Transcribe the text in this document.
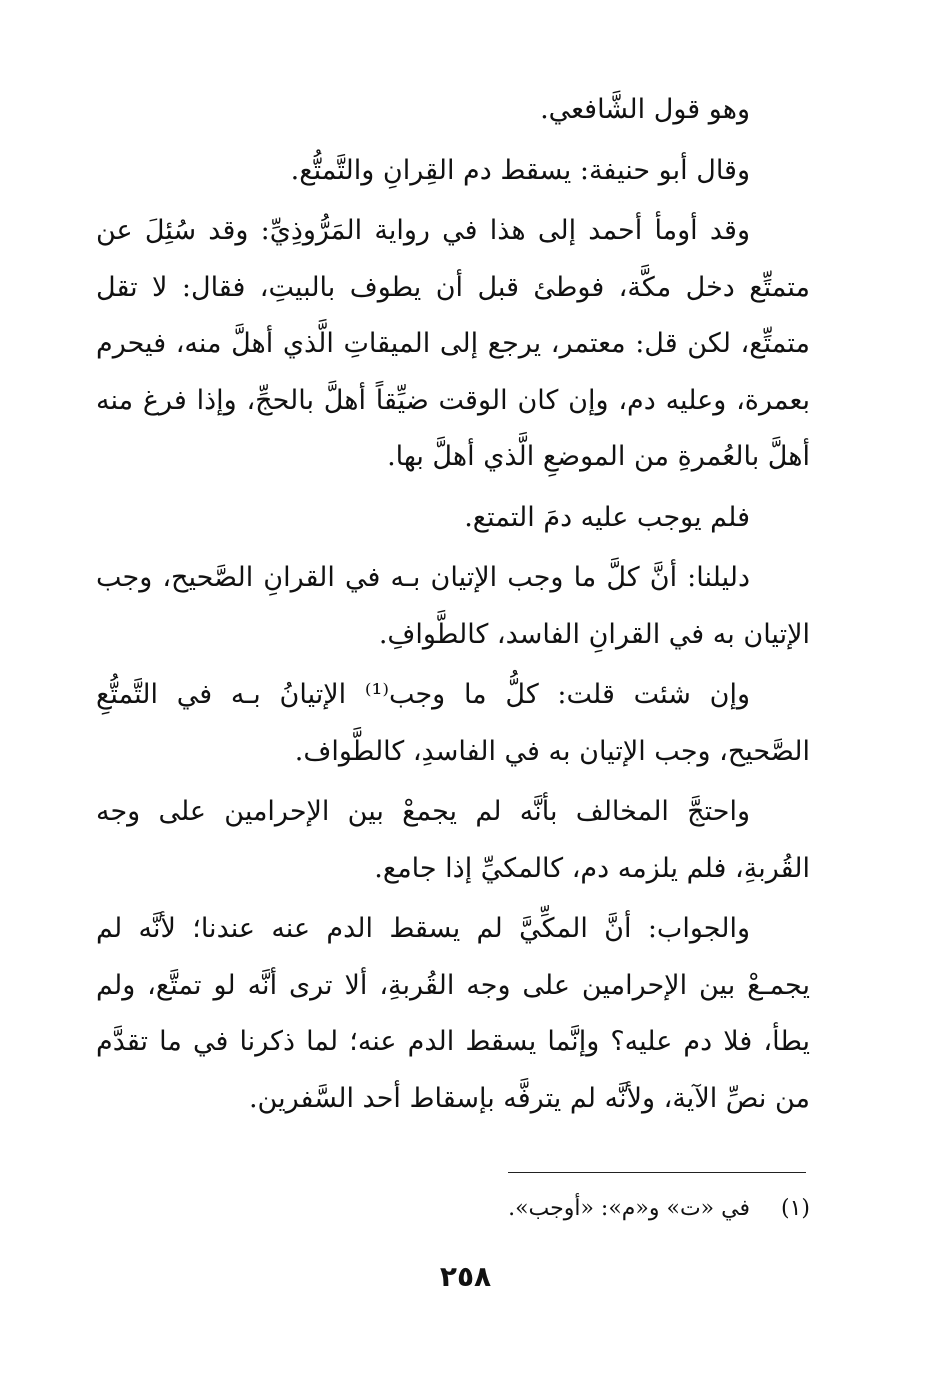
وهو قول الشَّافعي.

وقال أبو حنيفة: يسقط دم القِرانِ والتَّمتُّع.

وقد أومأ أحمد إلى هذا في رواية المَرُّوذِيِّ: وقد سُئِلَ عن متمتِّع دخل مكَّة، فوطئ قبل أن يطوف بالبيتِ، فقال: لا تقل متمتِّع، لكن قل: معتمر، يرجع إلى الميقاتِ الَّذي أهلَّ منه، فيحرم بعمرة، وعليه دم، وإن كان الوقت ضيِّقاً أهلَّ بالحجِّ، وإذا فرغ منه أهلَّ بالعُمرةِ من الموضعِ الَّذي أهلَّ بها.

فلم يوجب عليه دمَ التمتع.

دليلنا: أنَّ كلَّ ما وجب الإتيان بـه في القرانِ الصَّحيح، وجب الإتيان به في القرانِ الفاسد، كالطَّوافِ.

وإن شئت قلت: كلُّ ما وجب⁽¹⁾ الإتيانُ بـه في التَّمتُّعِ الصَّحيح، وجب الإتيان به في الفاسدِ، كالطَّواف.

واحتجَّ المخالف بأنَّه لم يجمعْ بين الإحرامين على وجه القُربةِ، فلم يلزمه دم، كالمكيِّ إذا جامع.

والجواب: أنَّ المكِّيَّ لم يسقط الدم عنه عندنا؛ لأنَّه لم يجمـعْ بين الإحرامين على وجه القُربةِ، ألا ترى أنَّه لو تمتَّع، ولم يطأ، فلا دم عليه؟ وإنَّما يسقط الدم عنه؛ لما ذكرنا في ما تقدَّم من نصِّ الآية، ولأنَّه لم يترفَّه بإسقاط أحد السَّفرين.

(١) في «ت» و«م»: «أوجب».
٢٥٨
